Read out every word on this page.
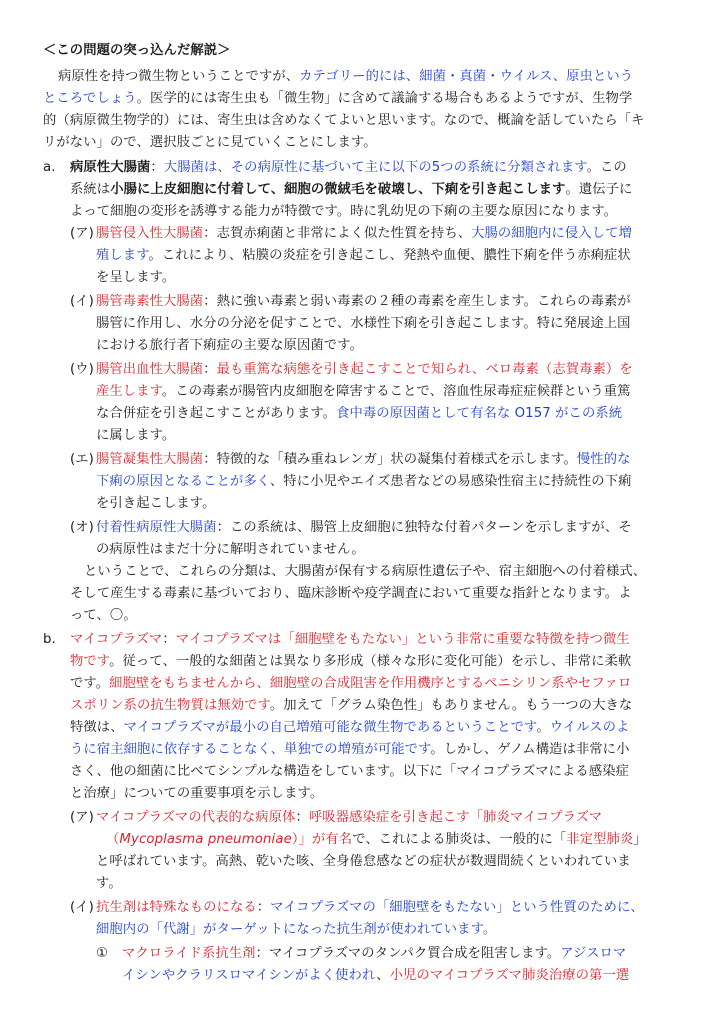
＜この問題の突っ込んだ解説＞
病原性を持つ微生物ということですが、カテゴリー的には、細菌・真菌・ウイルス、原虫という
ところでしょう。医学的には寄生虫も「微生物」に含めて議論する場合もあるようですが、生物学
的（病原微生物学的）には、寄生虫は含めなくてよいと思います。なので、概論を話していたら「キ
リがない」ので、選択肢ごとに見ていくことにします。
a. 病原性大腸菌：大腸菌は、その病原性に基づいて主に以下の5つの系統に分類されます。この
系統は小腸に上皮細胞に付着して、細胞の微絨毛を破壊し、下痢を引き起こします。遺伝子に
よって細胞の変形を誘導する能力が特徴です。時に乳幼児の下痢の主要な原因になります。
(ア) 腸管侵入性大腸菌：志賀赤痢菌と非常によく似た性質を持ち、大腸の細胞内に侵入して増
殖します。これにより、粘膜の炎症を引き起こし、発熱や血便、膿性下痢を伴う赤痢症状
を呈します。
(イ) 腸管毒素性大腸菌：熱に強い毒素と弱い毒素の２種の毒素を産生します。これらの毒素が
腸管に作用し、水分の分泌を促すことで、水様性下痢を引き起こします。特に発展途上国
における旅行者下痢症の主要な原因菌です。
(ウ) 腸管出血性大腸菌：最も重篤な病態を引き起こすことで知られ、ベロ毒素（志賀毒素）を
産生します。この毒素が腸管内皮細胞を障害することで、溶血性尿毒症症候群という重篤
な合併症を引き起こすことがあります。食中毒の原因菌として有名な O157 がこの系統
に属します。
(エ) 腸管凝集性大腸菌：特徴的な「積み重ねレンガ」状の凝集付着様式を示します。慢性的な
下痢の原因となることが多く、特に小児やエイズ患者などの易感染性宿主に持続性の下痢
を引き起こします。
(オ) 付着性病原性大腸菌：この系統は、腸管上皮細胞に独特な付着パターンを示しますが、そ
の病原性はまだ十分に解明されていません。
ということで、これらの分類は、大腸菌が保有する病原性遺伝子や、宿主細胞への付着様式、
そして産生する毒素に基づいており、臨床診断や疫学調査において重要な指針となります。よ
って、〇。
b. マイコプラズマ：マイコプラズマは「細胞壁をもたない」という非常に重要な特徴を持つ微生
物です。従って、一般的な細菌とは異なり多形成（様々な形に変化可能）を示し、非常に柔軟
です。細胞壁をもちませんから、細胞壁の合成阻害を作用機序とするペニシリン系やセファロ
スポリン系の抗生物質は無効です。加えて「グラム染色性」もありません。もう一つの大きな
特徴は、マイコプラズマが最小の自己増殖可能な微生物であるということです。ウイルスのよ
うに宿主細胞に依存することなく、単独での増殖が可能です。しかし、ゲノム構造は非常に小
さく、他の細菌に比べてシンプルな構造をしています。以下に「マイコプラズマによる感染症
と治療」についての重要事項を示します。
(ア) マイコプラズマの代表的な病原体：呼吸器感染症を引き起こす「肺炎マイコプラズマ
（Mycoplasma pneumoniae）」が有名で、これによる肺炎は、一般的に「非定型肺炎」
と呼ばれています。高熱、乾いた咳、全身倦怠感などの症状が数週間続くといわれていま
す。
(イ) 抗生剤は特殊なものになる：マイコプラズマの「細胞壁をもたない」という性質のために、
細胞内の「代謝」がターゲットになった抗生剤が使われています。
① マクロライド系抗生剤：マイコプラズマのタンパク質合成を阻害します。アジスロマ
イシンやクラリスロマイシンがよく使われ、小児のマイコプラズマ肺炎治療の第一選
